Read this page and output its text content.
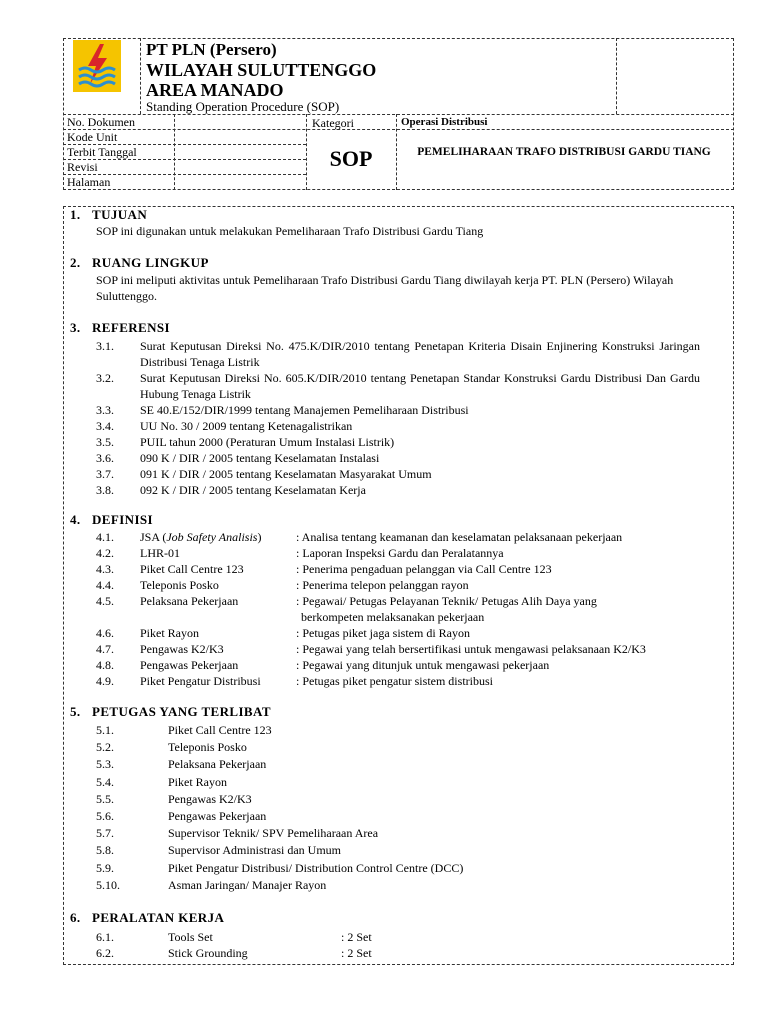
PT PLN (Persero)
WILAYAH SULUTTENGGO
AREA MANADO
Standing Operation Procedure (SOP)
No. Dokumen
Kode Unit
Terbit Tanggal
Revisi
Halaman
Kategori	Operasi Distribusi
SOP	PEMELIHARAAN TRAFO DISTRIBUSI GARDU TIANG
1. TUJUAN
SOP ini digunakan untuk melakukan Pemeliharaan Trafo Distribusi Gardu Tiang
2. RUANG LINGKUP
SOP ini meliputi aktivitas untuk Pemeliharaan Trafo Distribusi Gardu Tiang diwilayah kerja PT. PLN (Persero) Wilayah Suluttenggo.
3. REFERENSI
3.1. Surat Keputusan Direksi No. 475.K/DIR/2010 tentang Penetapan Kriteria Disain Enjinering Konstruksi Jaringan Distribusi Tenaga Listrik
3.2. Surat Keputusan Direksi No. 605.K/DIR/2010 tentang Penetapan Standar Konstruksi Gardu Distribusi Dan Gardu Hubung Tenaga Listrik
3.3. SE 40.E/152/DIR/1999 tentang Manajemen Pemeliharaan Distribusi
3.4. UU No. 30 / 2009 tentang Ketenagalistrikan
3.5. PUIL tahun 2000 (Peraturan Umum Instalasi Listrik)
3.6. 090 K / DIR / 2005 tentang Keselamatan Instalasi
3.7. 091 K / DIR / 2005 tentang Keselamatan Masyarakat Umum
3.8. 092 K / DIR / 2005 tentang Keselamatan Kerja
4. DEFINISI
4.1. JSA (Job Safety Analisis)	: Analisa tentang keamanan dan keselamatan pelaksanaan pekerjaan
4.2. LHR-01	: Laporan Inspeksi Gardu dan Peralatannya
4.3. Piket Call Centre 123	: Penerima pengaduan pelanggan via Call Centre 123
4.4. Teleponis Posko	: Penerima telepon pelanggan rayon
4.5. Pelaksana Pekerjaan	: Pegawai/ Petugas Pelayanan Teknik/ Petugas Alih Daya yang
berkompeten melaksanakan pekerjaan
4.6. Piket Rayon	: Petugas piket jaga sistem di Rayon
4.7. Pengawas K2/K3	: Pegawai yang telah bersertifikasi untuk mengawasi pelaksanaan K2/K3
4.8. Pengawas Pekerjaan	: Pegawai yang ditunjuk untuk mengawasi pekerjaan
4.9. Piket Pengatur Distribusi	: Petugas piket pengatur sistem distribusi
5. PETUGAS YANG TERLIBAT
5.1.	Piket Call Centre 123
5.2.	Teleponis Posko
5.3.	Pelaksana Pekerjaan
5.4.	Piket Rayon
5.5.	Pengawas K2/K3
5.6.	Pengawas Pekerjaan
5.7.	Supervisor Teknik/ SPV Pemeliharaan Area
5.8.	Supervisor Administrasi dan Umum
5.9.	Piket Pengatur Distribusi/ Distribution Control Centre (DCC)
5.10.	Asman Jaringan/ Manajer Rayon
6. PERALATAN KERJA
6.1.	Tools Set	: 2 Set
6.2.	Stick Grounding	: 2 Set
